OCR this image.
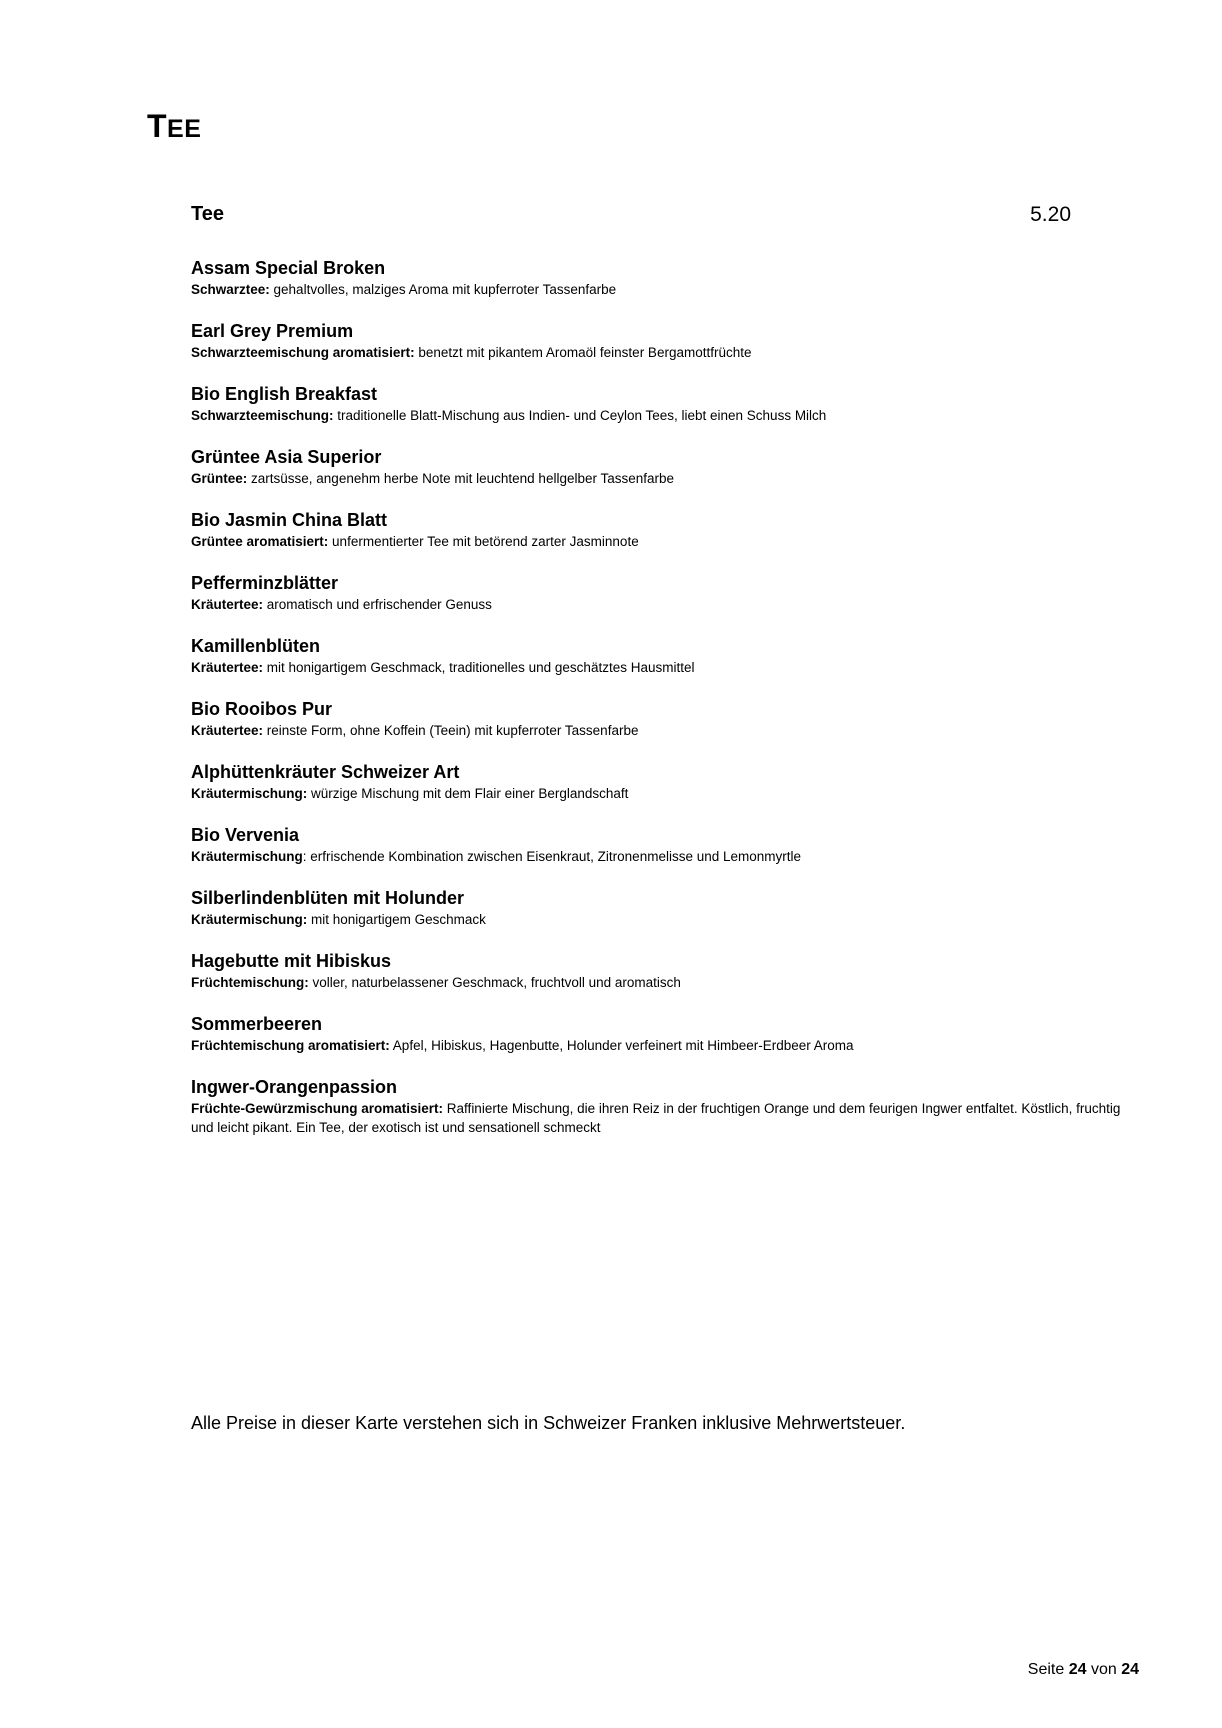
TEE
Tee	5.20
Assam Special Broken
Schwarztee: gehaltvolles, malziges Aroma mit kupferroter Tassenfarbe
Earl Grey Premium
Schwarzteemischung aromatisiert: benetzt mit pikantem Aromaöl feinster Bergamottfrüchte
Bio English Breakfast
Schwarzteemischung: traditionelle Blatt-Mischung aus Indien- und Ceylon Tees, liebt einen Schuss Milch
Grüntee Asia Superior
Grüntee: zartsüsse, angenehm herbe Note mit leuchtend hellgelber Tassenfarbe
Bio Jasmin China Blatt
Grüntee aromatisiert: unfermentierter Tee mit betörend zarter Jasminnote
Pefferminzblätter
Kräutertee: aromatisch und erfrischender Genuss
Kamillenblüten
Kräutertee: mit honigartigem Geschmack, traditionelles und geschätztes Hausmittel
Bio Rooibos Pur
Kräutertee: reinste Form, ohne Koffein (Teein) mit kupferroter Tassenfarbe
Alphüttenkräuter Schweizer Art
Kräutermischung: würzige Mischung mit dem Flair einer Berglandschaft
Bio Vervenia
Kräutermischung: erfrischende Kombination zwischen Eisenkraut, Zitronenmelisse und Lemonmyrtle
Silberlindenblüten mit Holunder
Kräutermischung: mit honigartigem Geschmack
Hagebutte mit Hibiskus
Früchtemischung: voller, naturbelassener Geschmack, fruchtvoll und aromatisch
Sommerbeeren
Früchtemischung aromatisiert: Apfel, Hibiskus, Hagenbutte, Holunder verfeinert mit Himbeer-Erdbeer Aroma
Ingwer-Orangenpassion
Früchte-Gewürzmischung aromatisiert: Raffinierte Mischung, die ihren Reiz in der fruchtigen Orange und dem feurigen Ingwer entfaltet. Köstlich, fruchtig und leicht pikant. Ein Tee, der exotisch ist und sensationell schmeckt
Alle Preise in dieser Karte verstehen sich in Schweizer Franken inklusive Mehrwertsteuer.
Seite 24 von 24
